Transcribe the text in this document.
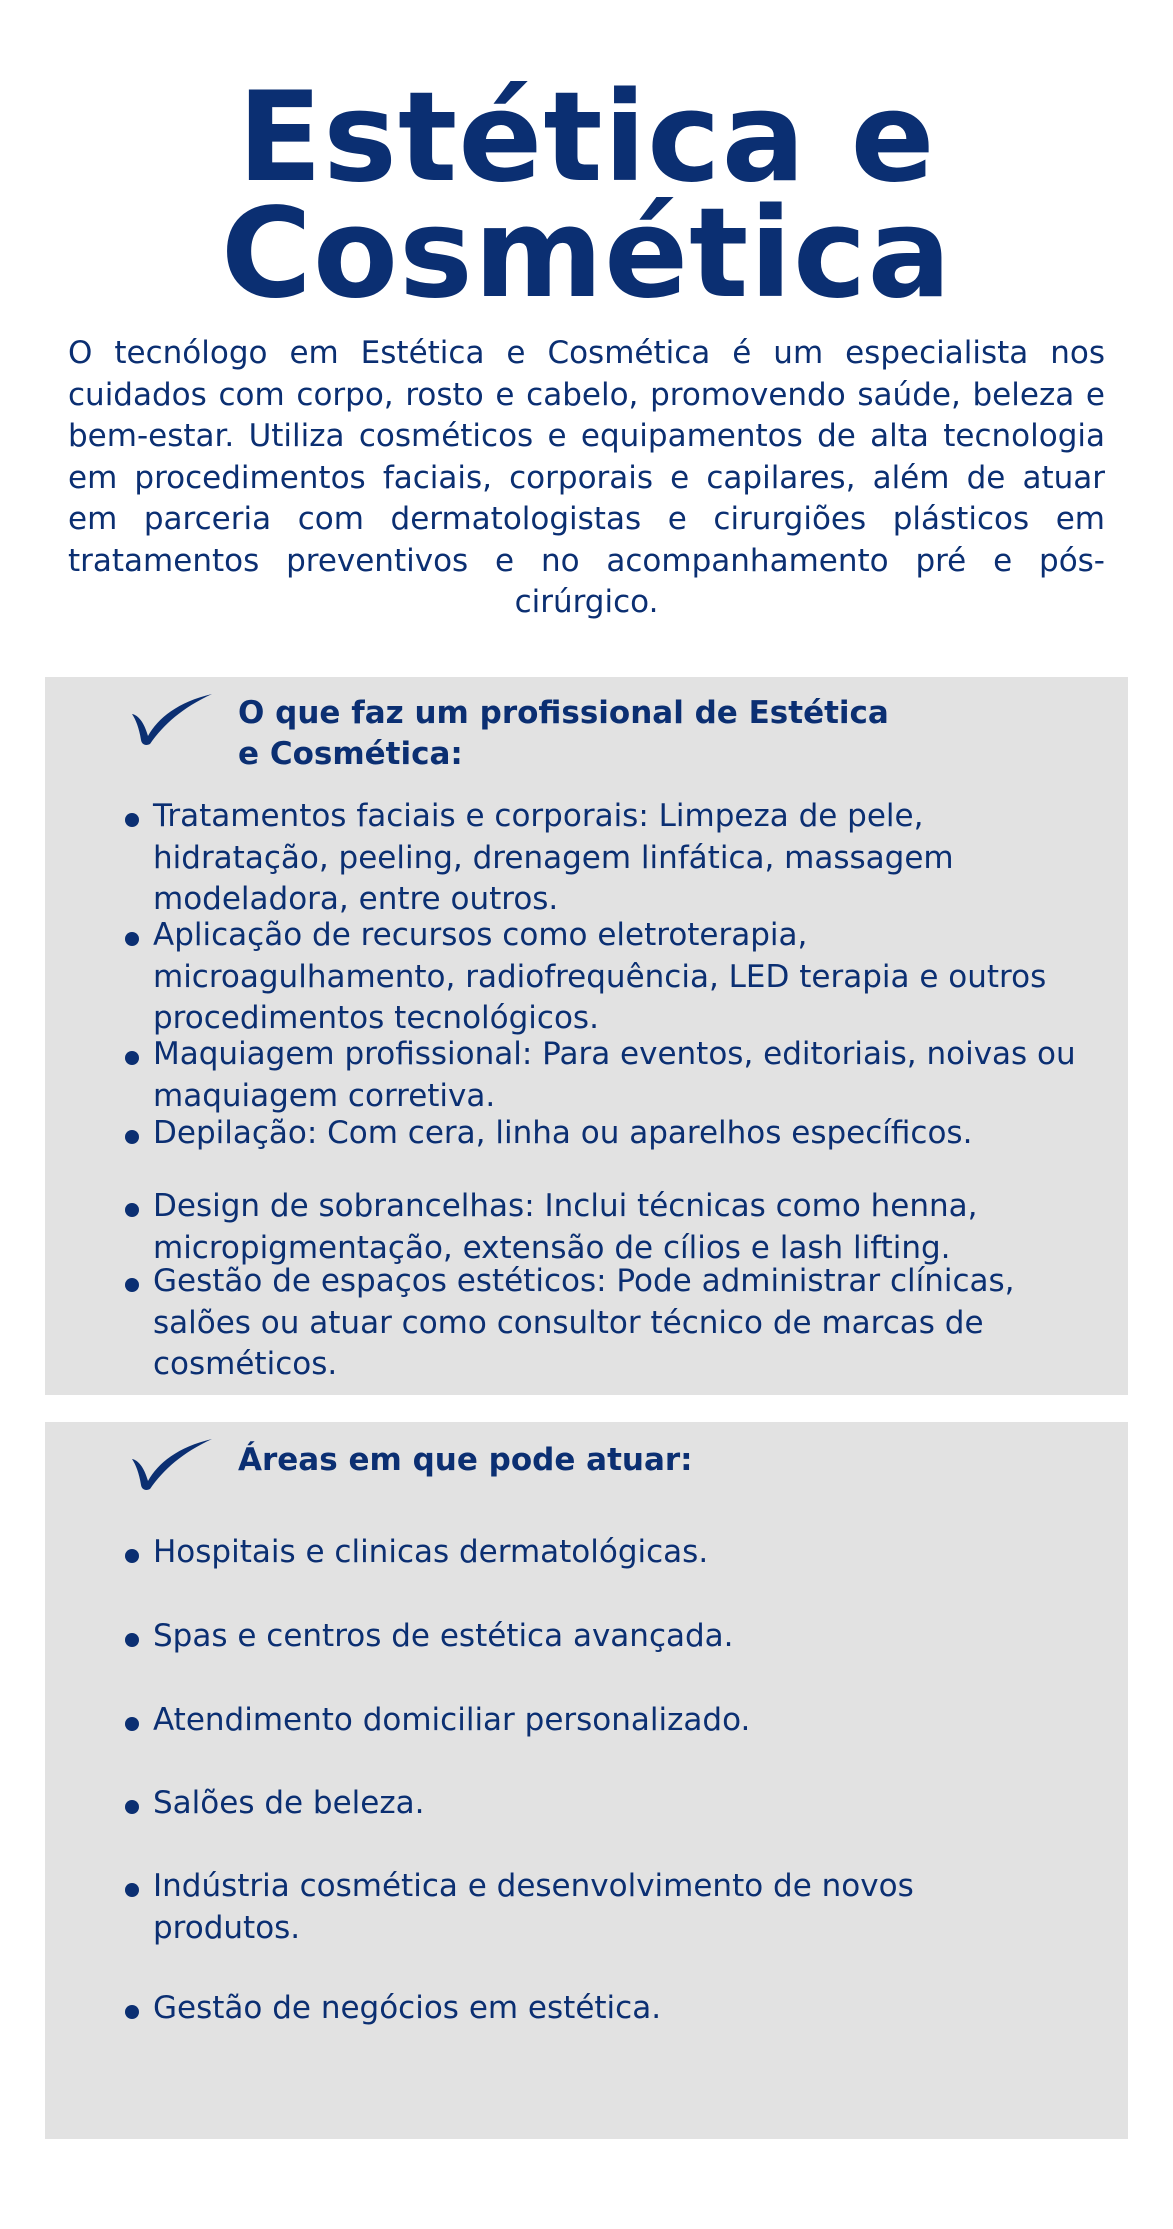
Estética e
Cosmética

O tecnólogo em Estética e Cosmética é um especialista nos cuidados com corpo, rosto e cabelo, promovendo saúde, beleza e bem-estar. Utiliza cosméticos e equipamentos de alta tecnologia em procedimentos faciais, corporais e capilares, além de atuar em parceria com dermatologistas e cirurgiões plásticos em tratamentos preventivos e no acompanhamento pré e pós-cirúrgico.

O que faz um profissional de Estética
e Cosmética:
Tratamentos faciais e corporais: Limpeza de pele, hidratação, peeling, drenagem linfática, massagem modeladora, entre outros.
Aplicação de recursos como eletroterapia, microagulhamento, radiofrequência, LED terapia e outros procedimentos tecnológicos.
Maquiagem profissional: Para eventos, editoriais, noivas ou maquiagem corretiva.
Depilação: Com cera, linha ou aparelhos específicos.
Design de sobrancelhas: Inclui técnicas como henna, micropigmentação, extensão de cílios e lash lifting.
Gestão de espaços estéticos: Pode administrar clínicas, salões ou atuar como consultor técnico de marcas de cosméticos.
Áreas em que pode atuar:
Hospitais e clinicas dermatológicas.
Spas e centros de estética avançada.
Atendimento domiciliar personalizado.
Salões de beleza.
Indústria cosmética e desenvolvimento de novos produtos.
Gestão de negócios em estética.
